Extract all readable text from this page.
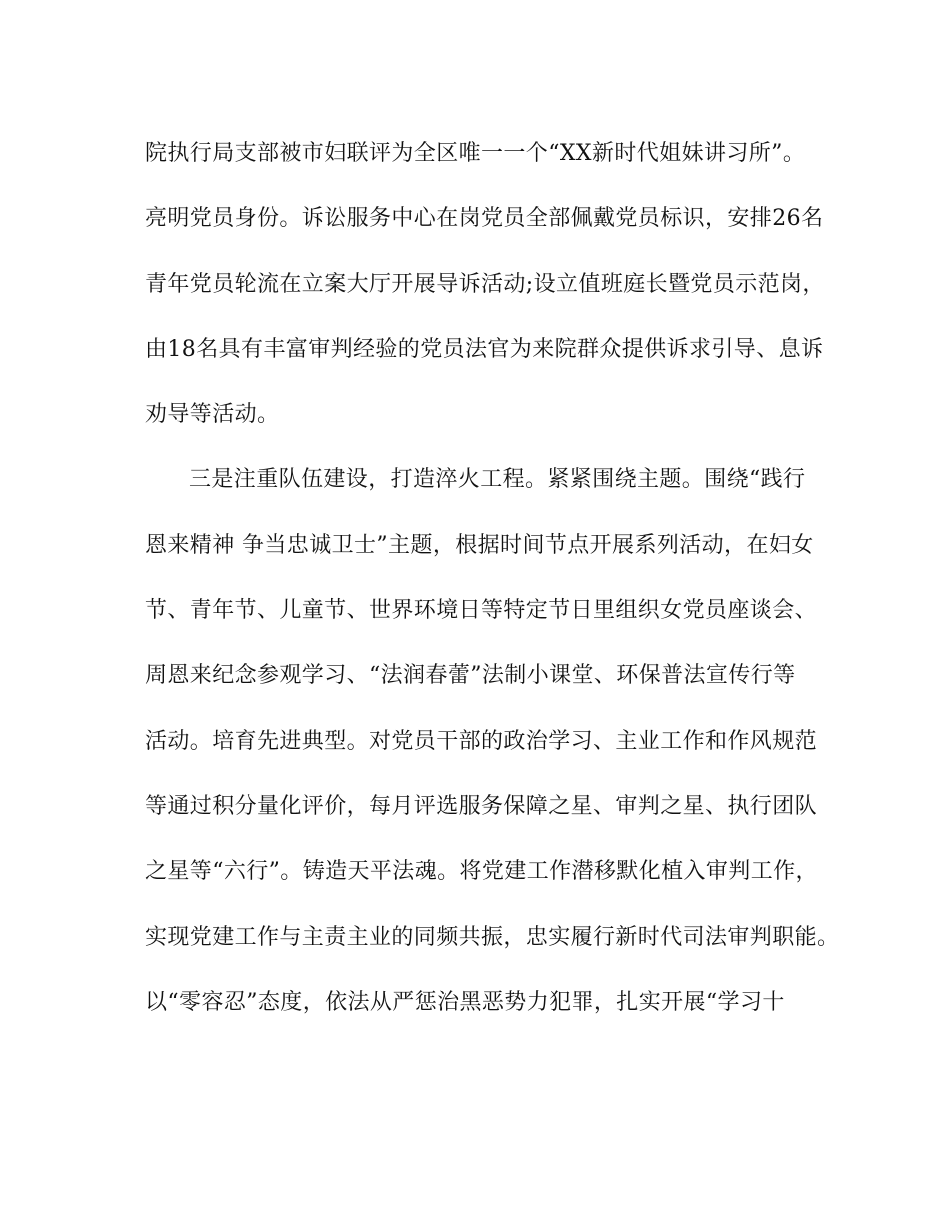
院执行局支部被市妇联评为全区唯一一个“XX新时代姐妹讲习所”。
亮明党员身份。诉讼服务中心在岗党员全部佩戴党员标识，安排26名
青年党员轮流在立案大厅开展导诉活动;设立值班庭长暨党员示范岗，
由18名具有丰富审判经验的党员法官为来院群众提供诉求引导、息诉
劝导等活动。
三是注重队伍建设，打造淬火工程。紧紧围绕主题。围绕“践行
恩来精神 争当忠诚卫士”主题，根据时间节点开展系列活动，在妇女
节、青年节、儿童节、世界环境日等特定节日里组织女党员座谈会、
周恩来纪念参观学习、“法润春蕾”法制小课堂、环保普法宣传行等
活动。培育先进典型。对党员干部的政治学习、主业工作和作风规范
等通过积分量化评价，每月评选服务保障之星、审判之星、执行团队
之星等“六行”。铸造天平法魂。将党建工作潜移默化植入审判工作，
实现党建工作与主责主业的同频共振，忠实履行新时代司法审判职能。
以“零容忍”态度，依法从严惩治黑恶势力犯罪，扎实开展“学习十
